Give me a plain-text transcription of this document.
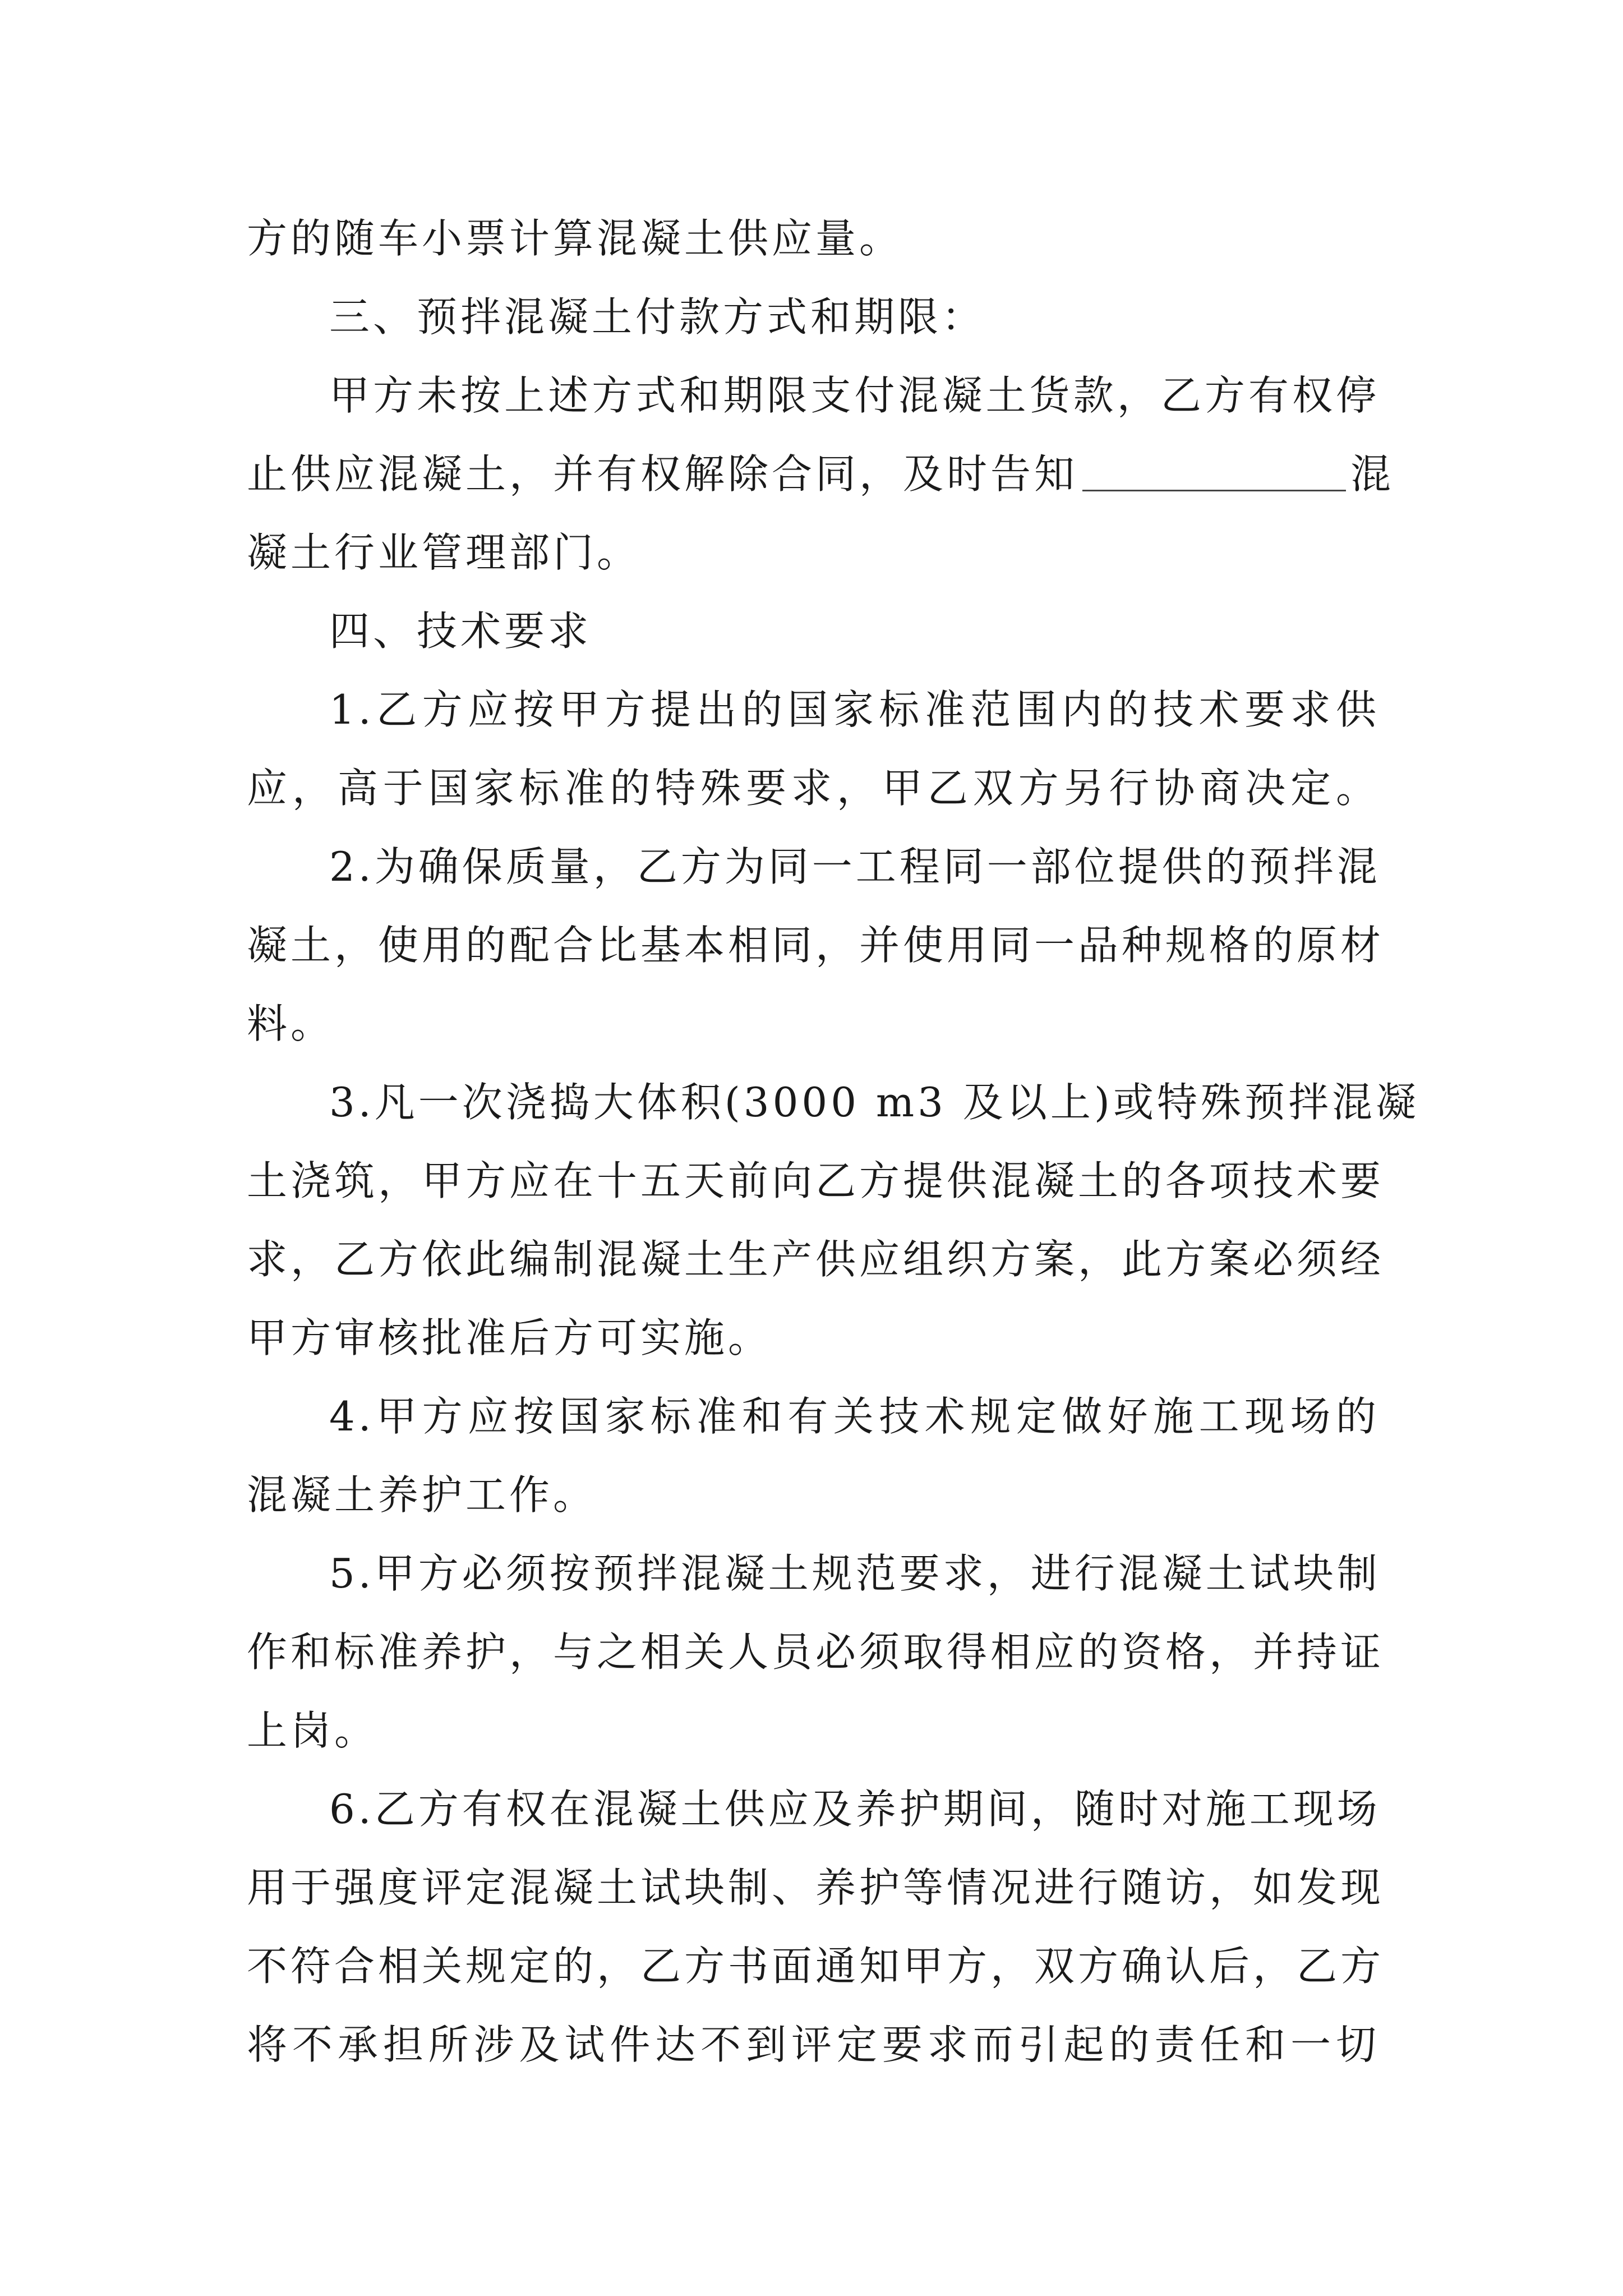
方的随车小票计算混凝土供应量。
三、预拌混凝土付款方式和期限：
甲方未按上述方式和期限支付混凝土货款，乙方有权停
止供应混凝土，并有权解除合同，及时告知	混
凝土行业管理部门。
四、技术要求
1.乙方应按甲方提出的国家标准范围内的技术要求供
应，高于国家标准的特殊要求，甲乙双方另行协商决定。
2.为确保质量，乙方为同一工程同一部位提供的预拌混
凝土，使用的配合比基本相同，并使用同一品种规格的原材
料。
3.凡一次浇捣大体积(3000 m3 及以上)或特殊预拌混凝
土浇筑，甲方应在十五天前向乙方提供混凝土的各项技术要
求，乙方依此编制混凝土生产供应组织方案，此方案必须经
甲方审核批准后方可实施。
4.甲方应按国家标准和有关技术规定做好施工现场的
混凝土养护工作。
5.甲方必须按预拌混凝土规范要求，进行混凝土试块制
作和标准养护，与之相关人员必须取得相应的资格，并持证
上岗。
6.乙方有权在混凝土供应及养护期间，随时对施工现场
用于强度评定混凝土试块制、养护等情况进行随访，如发现
不符合相关规定的，乙方书面通知甲方，双方确认后，乙方
将不承担所涉及试件达不到评定要求而引起的责任和一切
